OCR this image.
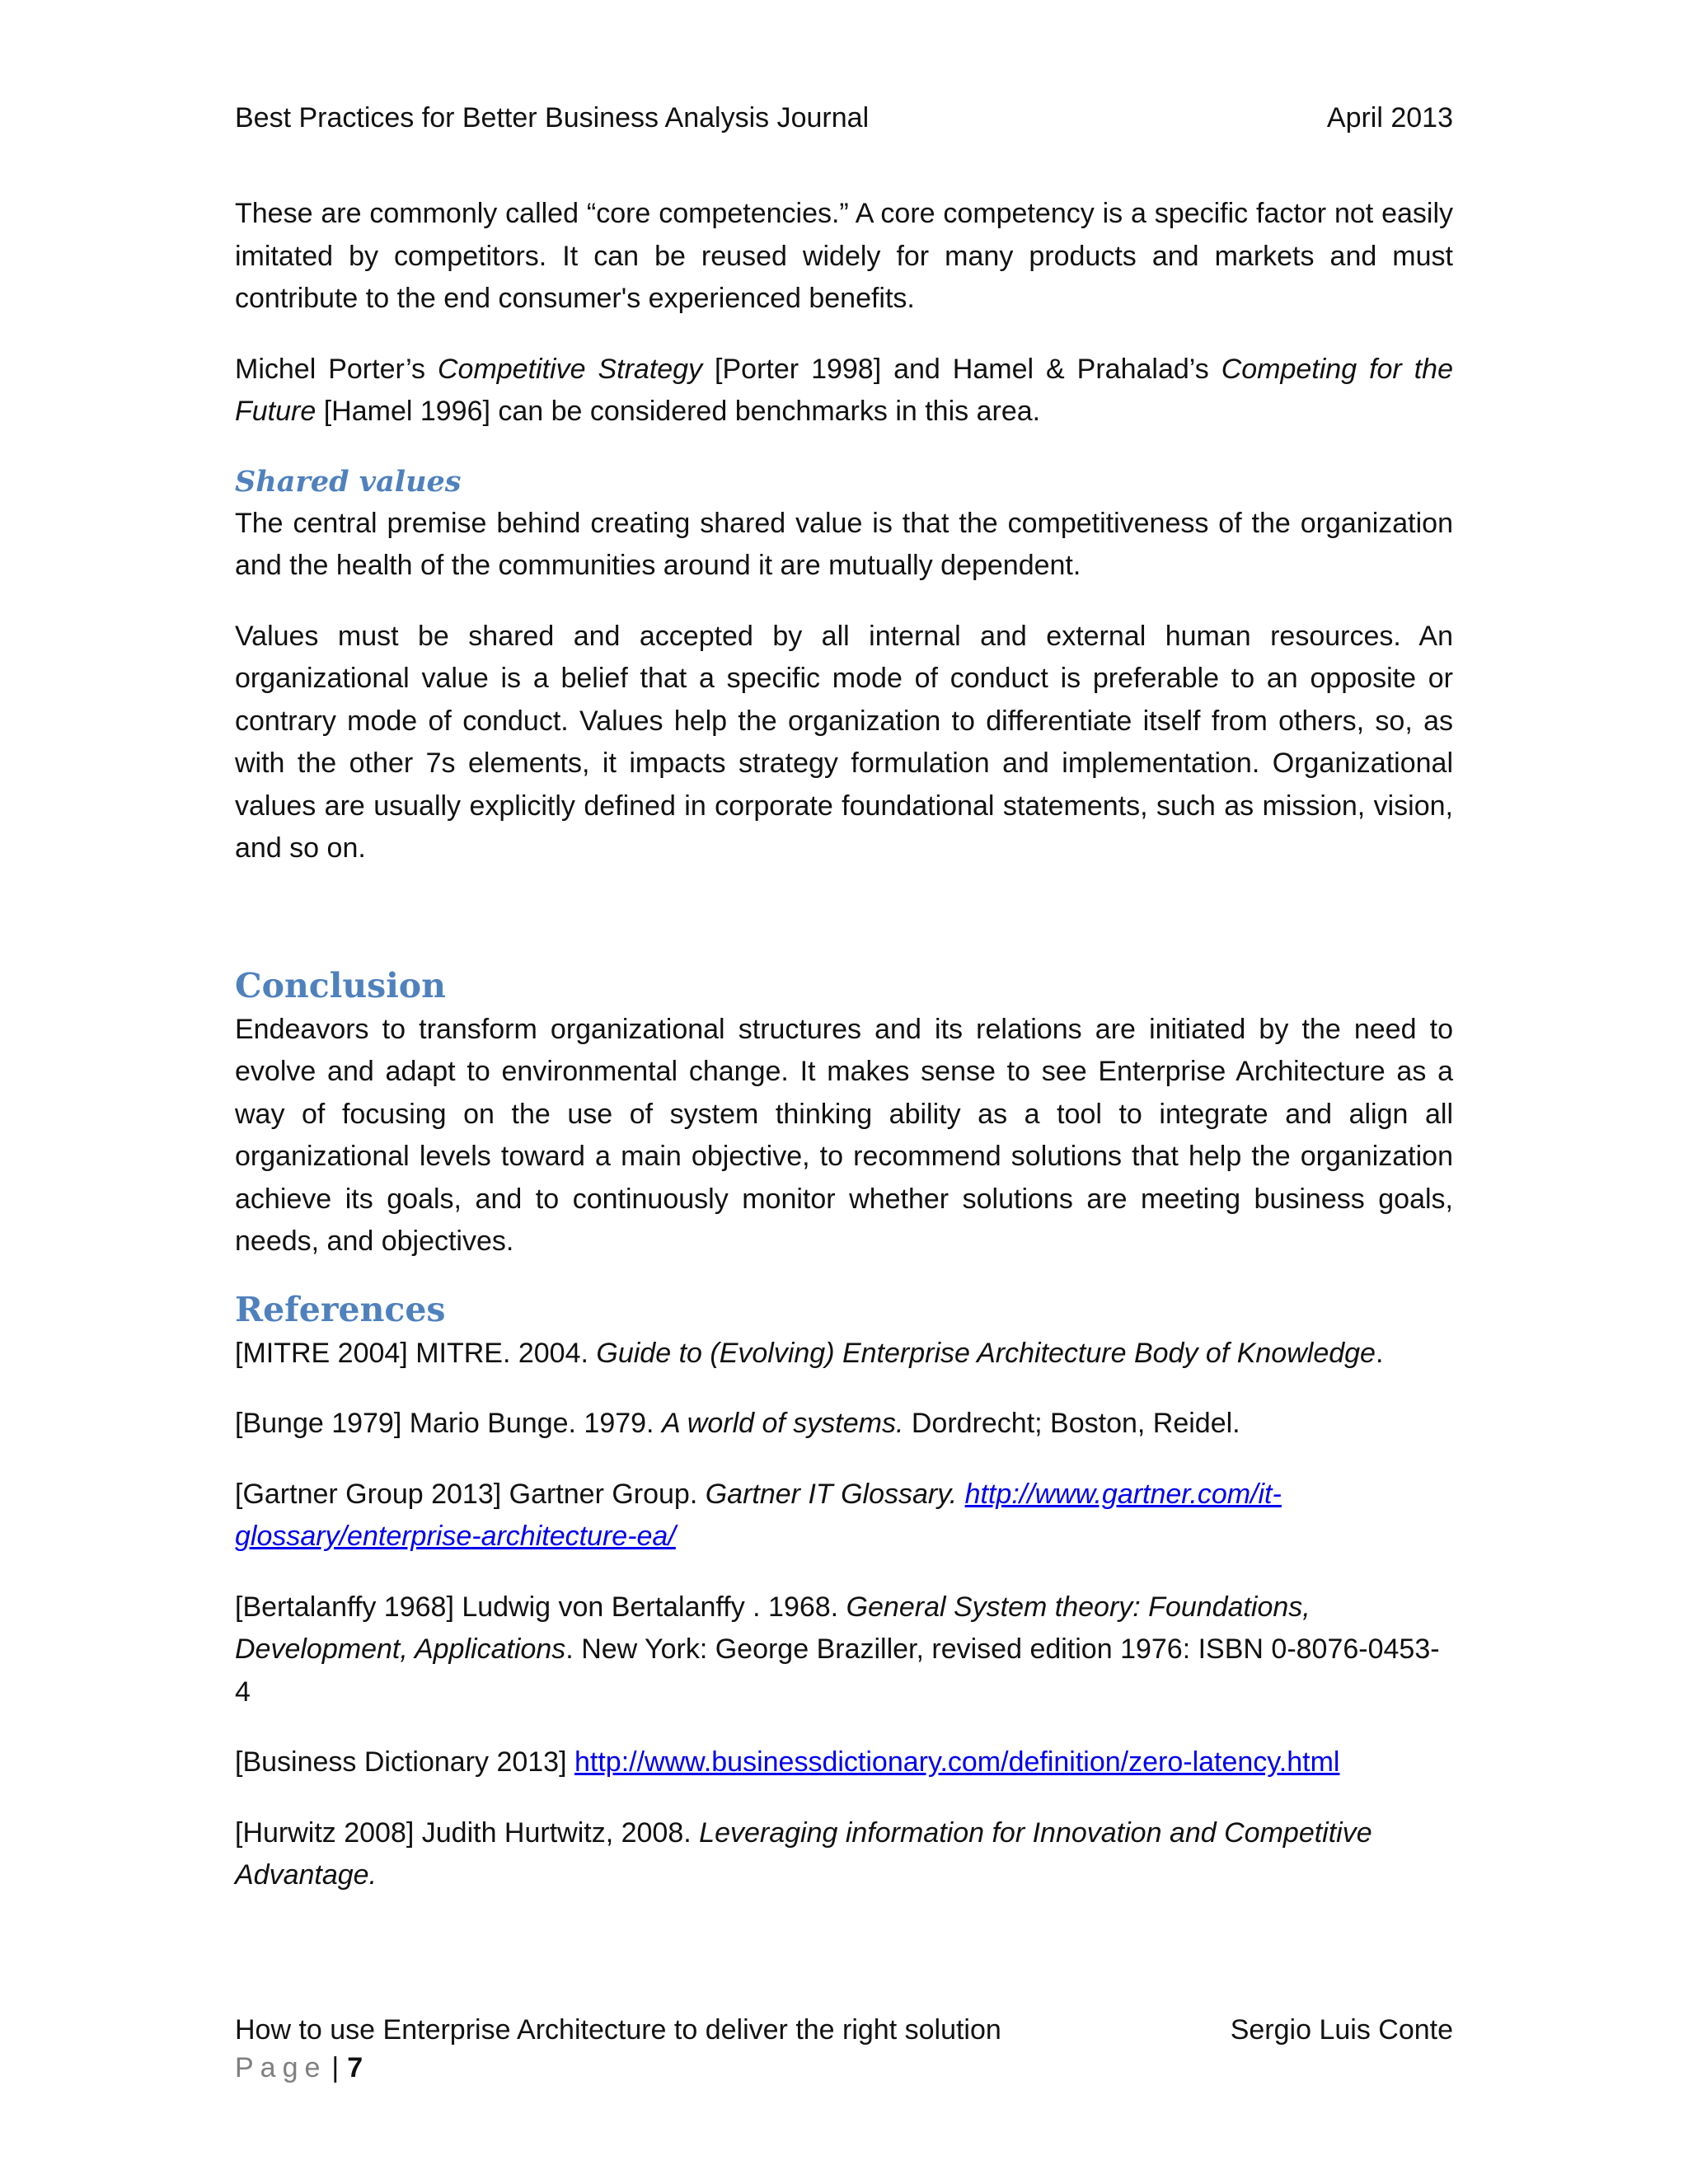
Best Practices for Better Business Analysis Journal	April 2013

These are commonly called “core competencies.” A core competency is a specific factor not easily imitated by competitors. It can be reused widely for many products and markets and must contribute to the end consumer's experienced benefits.

Michel Porter’s Competitive Strategy [Porter 1998] and Hamel & Prahalad’s Competing for the Future [Hamel 1996] can be considered benchmarks in this area.

Shared values

The central premise behind creating shared value is that the competitiveness of the organization and the health of the communities around it are mutually dependent.

Values must be shared and accepted by all internal and external human resources. An organizational value is a belief that a specific mode of conduct is preferable to an opposite or contrary mode of conduct. Values help the organization to differentiate itself from others, so, as with the other 7s elements, it impacts strategy formulation and implementation. Organizational values are usually explicitly defined in corporate foundational statements, such as mission, vision, and so on.

Conclusion

Endeavors to transform organizational structures and its relations are initiated by the need to evolve and adapt to environmental change. It makes sense to see Enterprise Architecture as a way of focusing on the use of system thinking ability as a tool to integrate and align all organizational levels toward a main objective, to recommend solutions that help the organization achieve its goals, and to continuously monitor whether solutions are meeting business goals, needs, and objectives.

References

[MITRE 2004] MITRE. 2004. Guide to (Evolving) Enterprise Architecture Body of Knowledge.

[Bunge 1979] Mario Bunge. 1979. A world of systems. Dordrecht; Boston, Reidel.

[Gartner Group 2013] Gartner Group. Gartner IT Glossary. http://www.gartner.com/it-glossary/enterprise-architecture-ea/

[Bertalanffy 1968] Ludwig von Bertalanffy . 1968. General System theory: Foundations, Development, Applications. New York: George Braziller, revised edition 1976: ISBN 0-8076-0453-4

[Business Dictionary 2013] http://www.businessdictionary.com/definition/zero-latency.html

[Hurwitz 2008] Judith Hurtwitz, 2008. Leveraging information for Innovation and Competitive Advantage.

How to use Enterprise Architecture to deliver the right solution	Sergio Luis Conte
Page | 7
